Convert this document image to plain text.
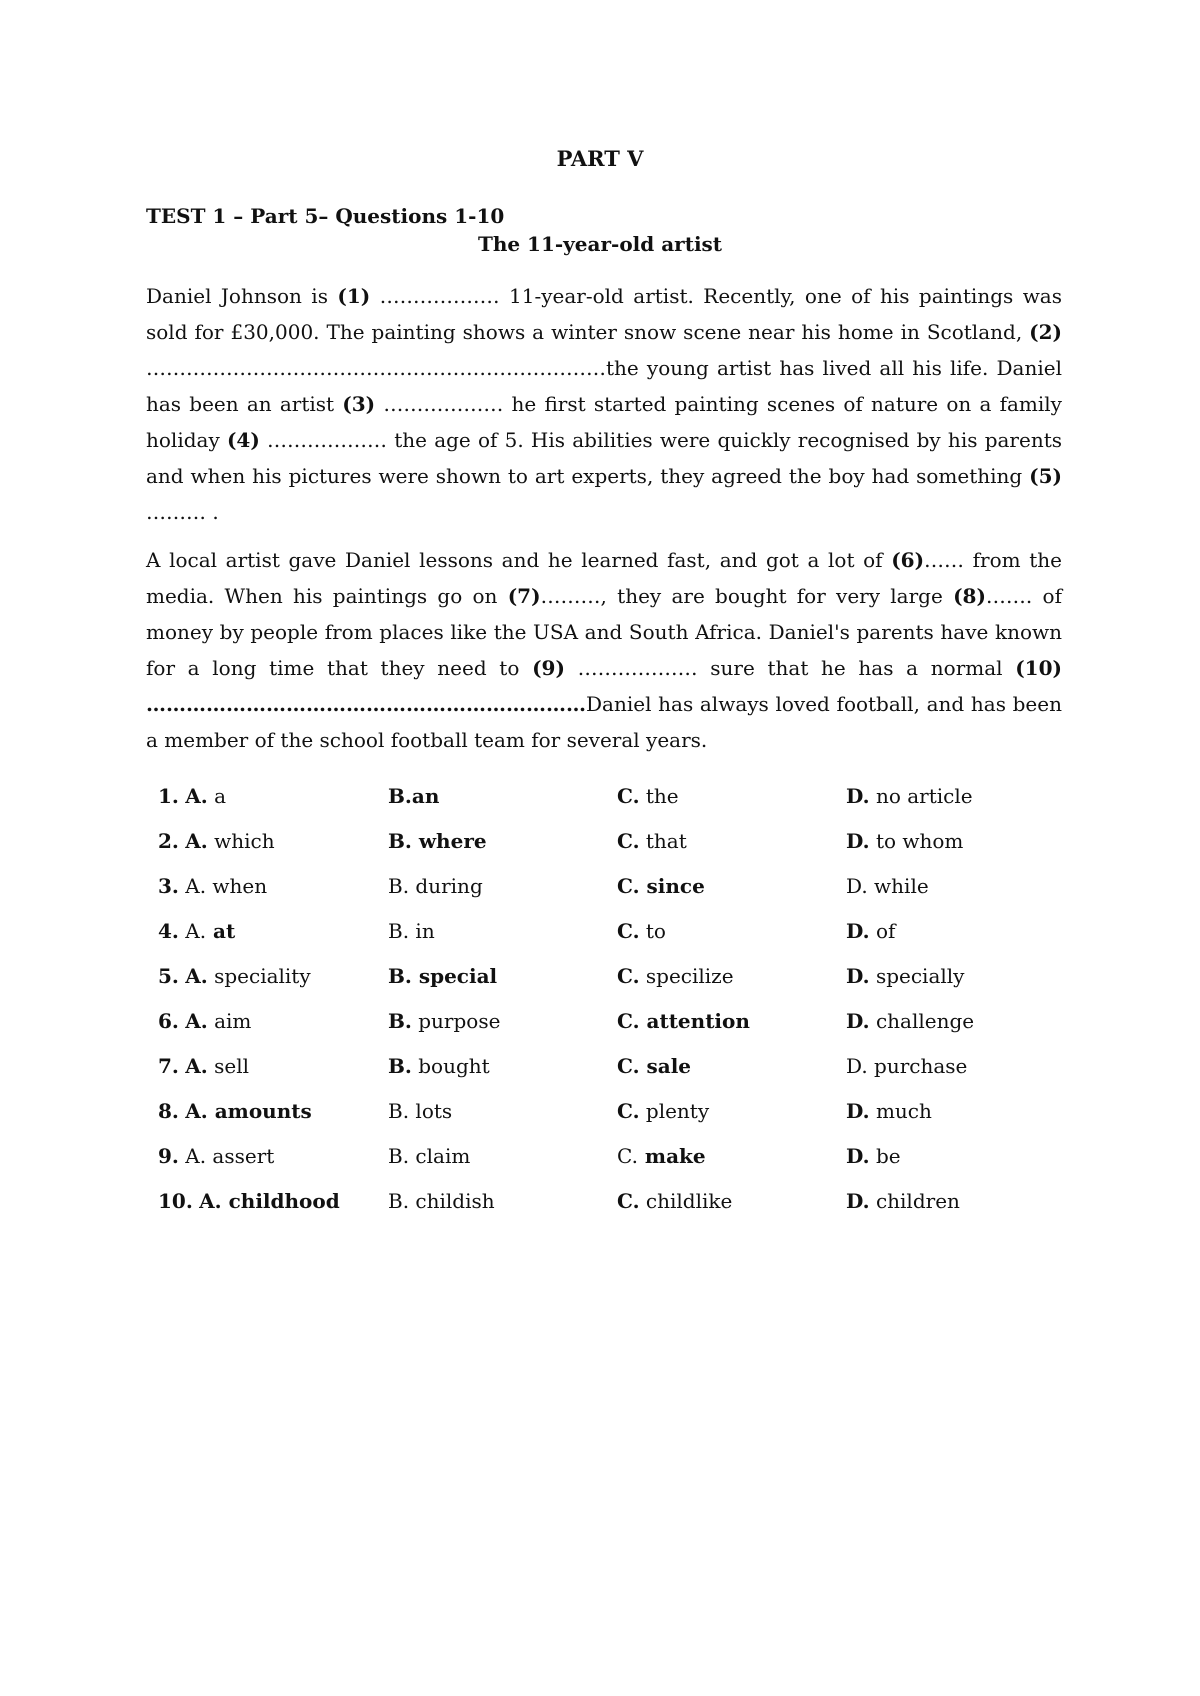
PART V
TEST 1 – Part 5– Questions 1-10
The 11-year-old artist

Daniel Johnson is (1) ……………… 11-year-old artist. Recently, one of his paintings was sold for £30,000. The painting shows a winter snow scene near his home in Scotland, (2) ……………………………………………………………the young artist has lived all his life. Daniel has been an artist (3) ……………… he first started painting scenes of nature on a family holiday (4) ……………… the age of 5. His abilities were quickly recognised by his parents and when his pictures were shown to art experts, they agreed the boy had something (5) ……… .

A local artist gave Daniel lessons and he learned fast, and got a lot of (6)…… from the media. When his paintings go on (7)………, they are bought for very large (8)……. of money by people from places like the USA and South Africa. Daniel's parents have known for a long time that they need to (9) ……………… sure that he has a normal (10) …………………………………………………………Daniel has always loved football, and has been a member of the school football team for several years.

1. A. a	B.an	C. the	D. no article
2. A. which	B. where	C. that	D. to whom
3. A. when	B. during	C. since	D. while
4. A. at	B. in	C. to	D. of
5. A. speciality	B. special	C. specilize	D. specially
6. A. aim	B. purpose	C. attention	D. challenge
7. A. sell	B. bought	C. sale	D. purchase
8. A. amounts	B. lots	C. plenty	D. much
9. A. assert	B. claim	C. make	D. be
10. A. childhood B. childish	C. childlike	D. children
